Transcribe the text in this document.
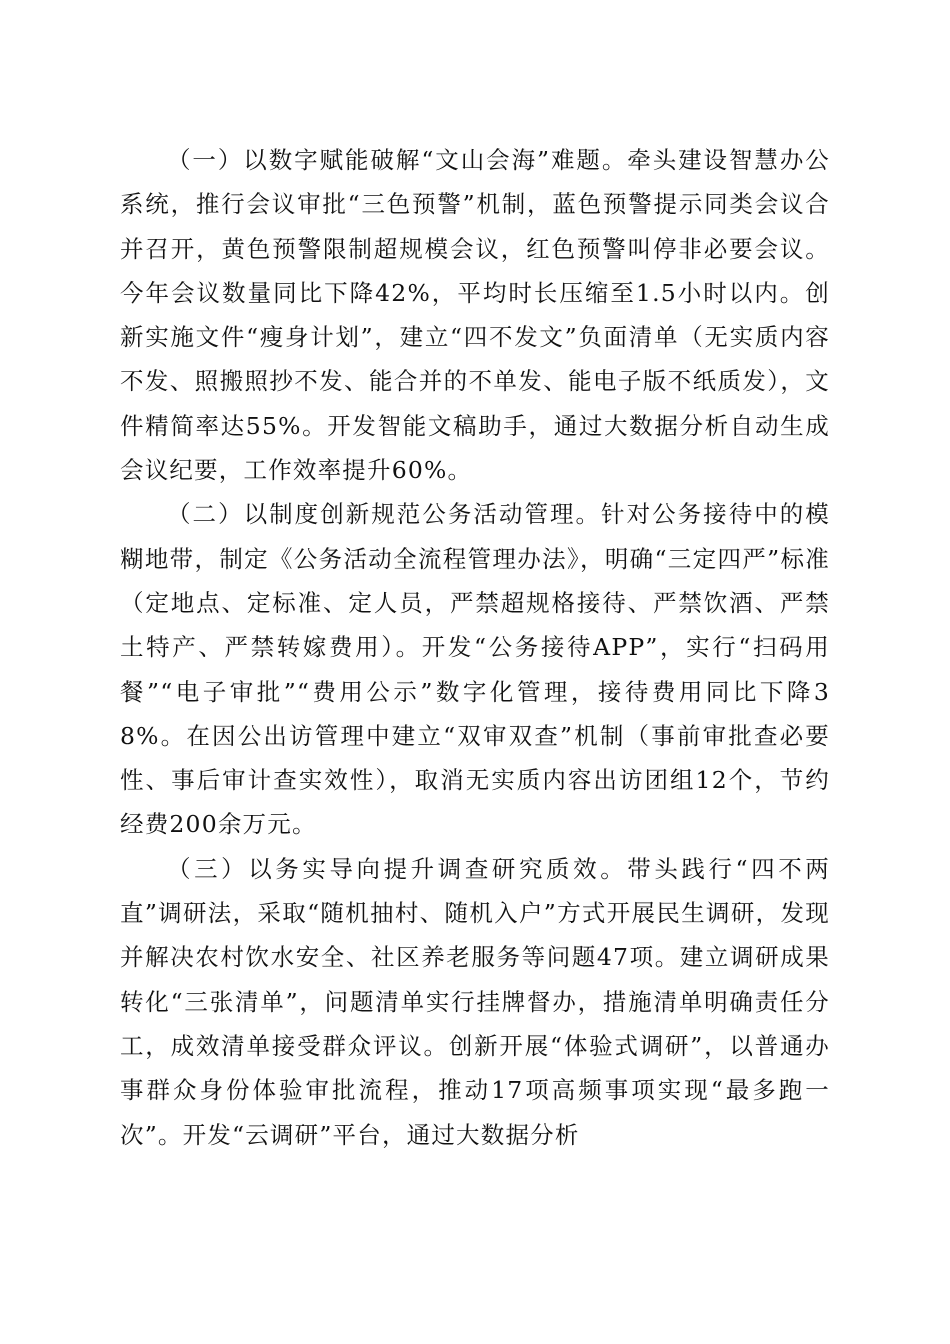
（一）以数字赋能破解“文山会海”难题。牵头建设智慧办公系统，推行会议审批“三色预警”机制，蓝色预警提示同类会议合并召开，黄色预警限制超规模会议，红色预警叫停非必要会议。今年会议数量同比下降42%，平均时长压缩至1.5小时以内。创新实施文件“瘦身计划”，建立“四不发文”负面清单（无实质内容不发、照搬照抄不发、能合并的不单发、能电子版不纸质发），文件精简率达55%。开发智能文稿助手，通过大数据分析自动生成会议纪要，工作效率提升60%。

（二）以制度创新规范公务活动管理。针对公务接待中的模糊地带，制定《公务活动全流程管理办法》，明确“三定四严”标准（定地点、定标准、定人员，严禁超规格接待、严禁饮酒、严禁土特产、严禁转嫁费用）。开发“公务接待APP”，实行“扫码用餐”“电子审批”“费用公示”数字化管理，接待费用同比下降38%。在因公出访管理中建立“双审双查”机制（事前审批查必要性、事后审计查实效性），取消无实质内容出访团组12个，节约经费200余万元。

（三）以务实导向提升调查研究质效。带头践行“四不两直”调研法，采取“随机抽村、随机入户”方式开展民生调研，发现并解决农村饮水安全、社区养老服务等问题47项。建立调研成果转化“三张清单”，问题清单实行挂牌督办，措施清单明确责任分工，成效清单接受群众评议。创新开展“体验式调研”，以普通办事群众身份体验审批流程，推动17项高频事项实现“最多跑一次”。开发“云调研”平台，通过大数据分析
